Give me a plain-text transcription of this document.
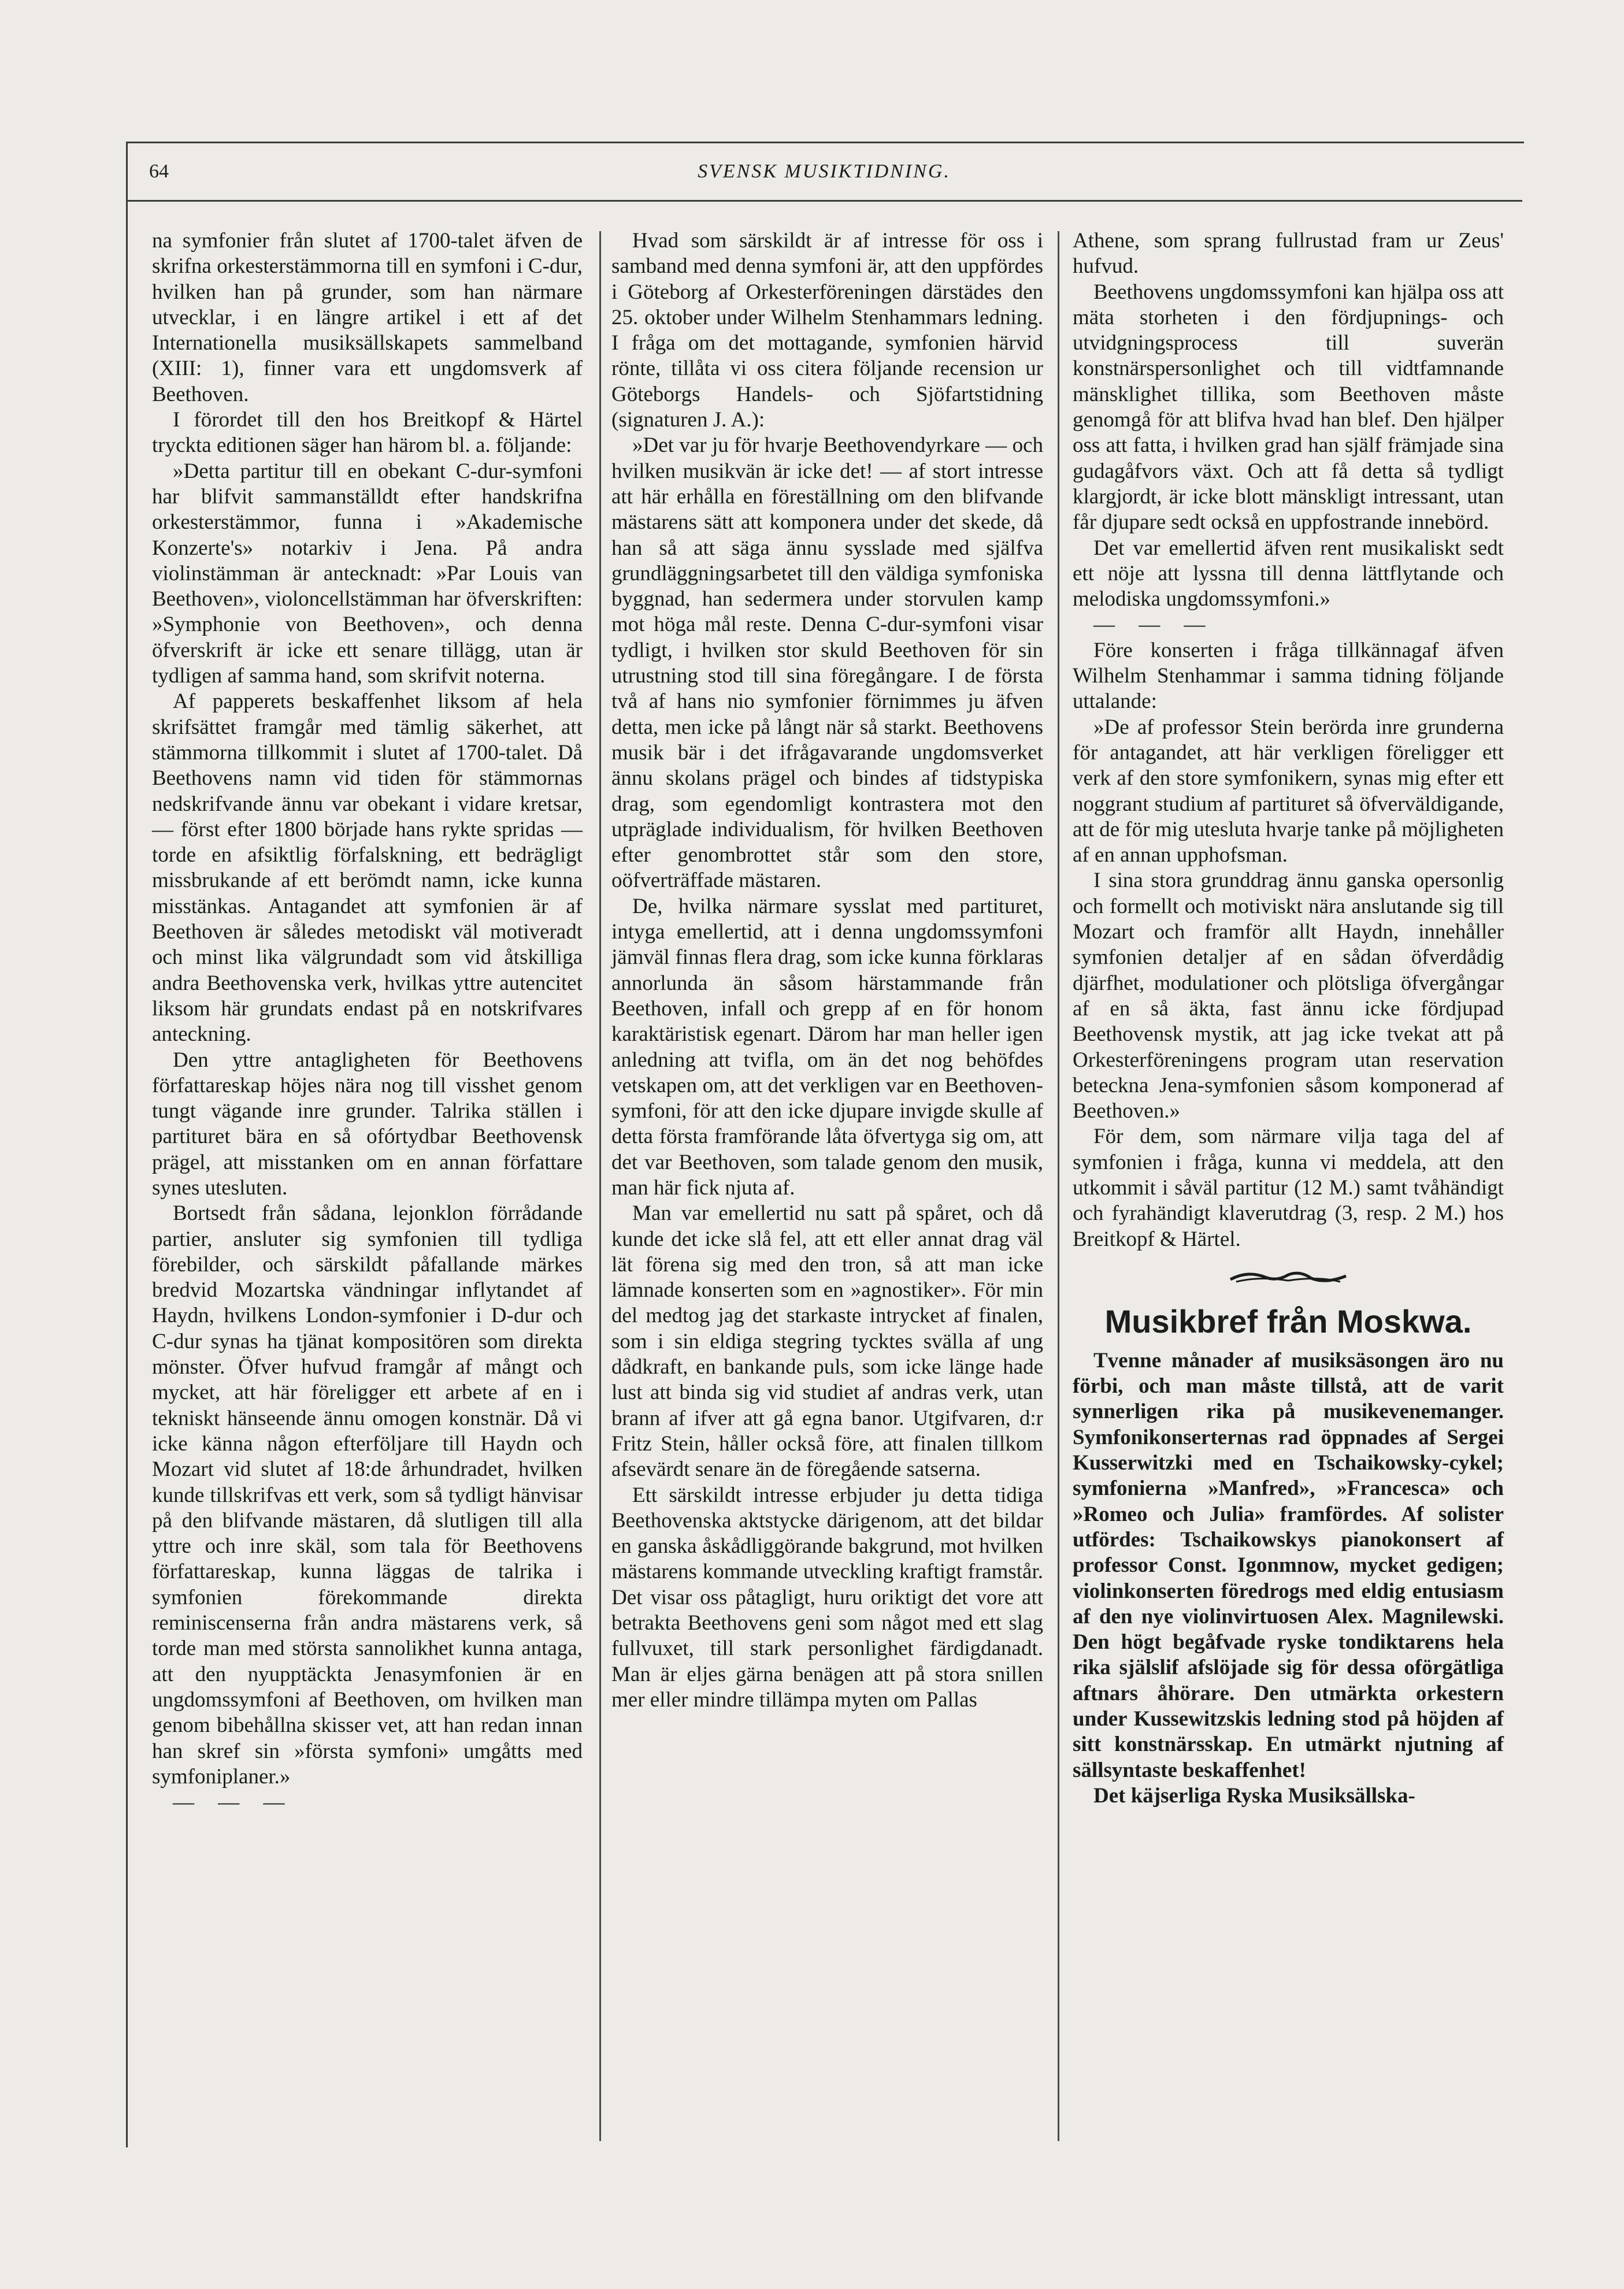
64	SVENSK MUSIKTIDNING.

na symfonier från slutet af 1700-talet äfven de skrifna orkesterstämmorna till en symfoni i C-dur, hvilken han på grunder, som han närmare utvecklar, i en längre artikel i ett af det Internationella musiksällskapets sammelband (XIII: 1), finner vara ett ungdomsverk af Beethoven.

I förordet till den hos Breitkopf & Härtel tryckta editionen säger han härom bl. a. följande:

»Detta partitur till en obekant C-dur-symfoni har blifvit sammanställdt efter handskrifna orkesterstämmor, funna i »Akademische Konzerte's» notarkiv i Jena. På andra violinstämman är antecknadt: »Par Louis van Beethoven», violoncellstämman har öfverskriften: »Symphonie von Beethoven», och denna öfverskrift är icke ett senare tillägg, utan är tydligen af samma hand, som skrifvit noterna.

Af papperets beskaffenhet liksom af hela skrifsättet framgår med tämlig säkerhet, att stämmorna tillkommit i slutet af 1700-talet. Då Beethovens namn vid tiden för stämmornas nedskrifvande ännu var obekant i vidare kretsar, — först efter 1800 började hans rykte spridas — torde en afsiktlig förfalskning, ett bedrägligt missbrukande af ett berömdt namn, icke kunna misstänkas. Antagandet att symfonien är af Beethoven är således metodiskt väl motiveradt och minst lika välgrundadt som vid åtskilliga andra Beethovenska verk, hvilkas yttre autencitet liksom här grundats endast på en notskrifvares anteckning.

Den yttre antagligheten för Beethovens författareskap höjes nära nog till visshet genom tungt vägande inre grunder. Talrika ställen i partituret bära en så ofórtydbar Beethovensk prägel, att misstanken om en annan författare synes utesluten.

Bortsedt från sådana, lejonklon förrådande partier, ansluter sig symfonien till tydliga förebilder, och särskildt påfallande märkes bredvid Mozartska vändningar inflytandet af Haydn, hvilkens London-symfonier i D-dur och C-dur synas ha tjänat kompositören som direkta mönster. Öfver hufvud framgår af mångt och mycket, att här föreligger ett arbete af en i tekniskt hänseende ännu omogen konstnär. Då vi icke känna någon efterföljare till Haydn och Mozart vid slutet af 18:de århundradet, hvilken kunde tillskrifvas ett verk, som så tydligt hänvisar på den blifvande mästaren, då slutligen till alla yttre och inre skäl, som tala för Beethovens författareskap, kunna läggas de talrika i symfonien förekommande direkta reminiscenserna från andra mästarens verk, så torde man med största sannolikhet kunna antaga, att den nyupptäckta Jenasymfonien är en ungdomssymfoni af Beethoven, om hvilken man genom bibehållna skisser vet, att han redan innan han skref sin »första symfoni» umgåtts med symfoniplaner.»

— — —

Hvad som särskildt är af intresse för oss i samband med denna symfoni är, att den uppfördes i Göteborg af Orkesterföreningen därstädes den 25. oktober under Wilhelm Stenhammars ledning. I fråga om det mottagande, symfonien härvid rönte, tillåta vi oss citera följande recension ur Göteborgs Handels- och Sjöfartstidning (signaturen J. A.):

»Det var ju för hvarje Beethovendyrkare — och hvilken musikvän är icke det! — af stort intresse att här erhålla en föreställning om den blifvande mästarens sätt att komponera under det skede, då han så att säga ännu sysslade med själfva grundläggningsarbetet till den väldiga symfoniska byggnad, han sedermera under storvulen kamp mot höga mål reste. Denna C-dur-symfoni visar tydligt, i hvilken stor skuld Beethoven för sin utrustning stod till sina föregångare. I de första två af hans nio symfonier förnimmes ju äfven detta, men icke på långt när så starkt. Beethovens musik bär i det ifrågavarande ungdomsverket ännu skolans prägel och bindes af tidstypiska drag, som egendomligt kontrastera mot den utpräglade individualism, för hvilken Beethoven efter genombrottet står som den store, oöfverträffade mästaren.

De, hvilka närmare sysslat med partituret, intyga emellertid, att i denna ungdomssymfoni jämväl finnas flera drag, som icke kunna förklaras annorlunda än såsom härstammande från Beethoven, infall och grepp af en för honom karaktäristisk egenart. Därom har man heller igen anledning att tvifla, om än det nog behöfdes vetskapen om, att det verkligen var en Beethoven-symfoni, för att den icke djupare invigde skulle af detta första framförande låta öfvertyga sig om, att det var Beethoven, som talade genom den musik, man här fick njuta af.

Man var emellertid nu satt på spåret, och då kunde det icke slå fel, att ett eller annat drag väl lät förena sig med den tron, så att man icke lämnade konserten som en »agnostiker». För min del medtog jag det starkaste intrycket af finalen, som i sin eldiga stegring tycktes svälla af ung dådkraft, en bankande puls, som icke länge hade lust att binda sig vid studiet af andras verk, utan brann af ifver att gå egna banor. Utgifvaren, d:r Fritz Stein, håller också före, att finalen tillkom afsevärdt senare än de föregående satserna.

Ett särskildt intresse erbjuder ju detta tidiga Beethovenska aktstycke därigenom, att det bildar en ganska åskådliggörande bakgrund, mot hvilken mästarens kommande utveckling kraftigt framstår. Det visar oss påtagligt, huru oriktigt det vore att betrakta Beethovens geni som något med ett slag fullvuxet, till stark personlighet färdigdanadt. Man är eljes gärna benägen att på stora snillen mer eller mindre tillämpa myten om Pallas

Athene, som sprang fullrustad fram ur Zeus' hufvud.

Beethovens ungdomssymfoni kan hjälpa oss att mäta storheten i den fördjupnings- och utvidgningsprocess till suverän konstnärspersonlighet och till vidtfamnande mänsklighet tillika, som Beethoven måste genomgå för att blifva hvad han blef. Den hjälper oss att fatta, i hvilken grad han själf främjade sina gudagåfvors växt. Och att få detta så tydligt klargjordt, är icke blott mänskligt intressant, utan får djupare sedt också en uppfostrande innebörd.

Det var emellertid äfven rent musikaliskt sedt ett nöje att lyssna till denna lättflytande och melodiska ungdomssymfoni.»

— — —

Före konserten i fråga tillkännagaf äfven Wilhelm Stenhammar i samma tidning följande uttalande:

»De af professor Stein berörda inre grunderna för antagandet, att här verkligen föreligger ett verk af den store symfonikern, synas mig efter ett noggrant studium af partituret så öfverväldigande, att de för mig utesluta hvarje tanke på möjligheten af en annan upphofsman.

I sina stora grunddrag ännu ganska opersonlig och formellt och motiviskt nära anslutande sig till Mozart och framför allt Haydn, innehåller symfonien detaljer af en sådan öfverdådig djärfhet, modulationer och plötsliga öfvergångar af en så äkta, fast ännu icke fördjupad Beethovensk mystik, att jag icke tvekat att på Orkesterföreningens program utan reservation beteckna Jena-symfonien såsom komponerad af Beethoven.»

För dem, som närmare vilja taga del af symfonien i fråga, kunna vi meddela, att den utkommit i såväl partitur (12 M.) samt tvåhändigt och fyrahändigt klaverutdrag (3, resp. 2 M.) hos Breitkopf & Härtel.

Musikbref från Moskwa.

Tvenne månader af musiksäsongen äro nu förbi, och man måste tillstå, att de varit synnerligen rika på musikevenemanger. Symfonikonserternas rad öppnades af Sergei Kusserwitzki med en Tschaikowsky-cykel; symfonierna »Manfred», »Francesca» och »Romeo och Julia» framfördes. Af solister utfördes: Tschaikowskys pianokonsert af professor Const. Igonmnow, mycket gedigen; violinkonserten föredrogs med eldig entusiasm af den nye violinvirtuosen Alex. Magnilewski. Den högt begåfvade ryske tondiktarens hela rika själslif afslöjade sig för dessa oförgätliga aftnars åhörare. Den utmärkta orkestern under Kussewitzskis ledning stod på höjden af sitt konstnärsskap. En utmärkt njutning af sällsyntaste beskaffenhet!

Det käjserliga Ryska Musiksällska-
